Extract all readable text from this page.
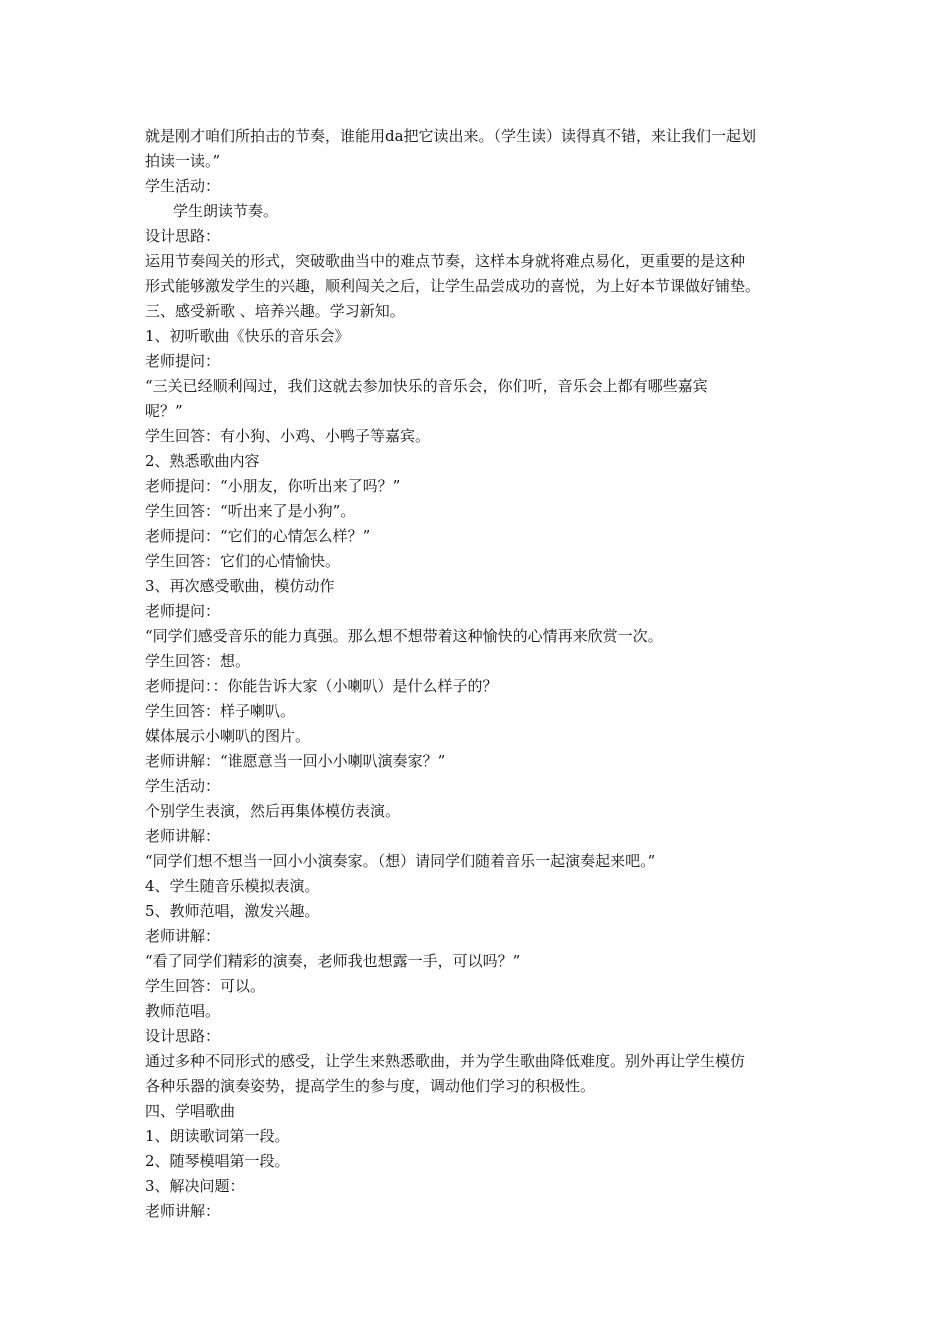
就是刚才咱们所拍击的节奏，谁能用da把它读出来。（学生读）读得真不错，来让我们一起划
拍读一读。”
学生活动：
学生朗读节奏。
设计思路：
运用节奏闯关的形式，突破歌曲当中的难点节奏，这样本身就将难点易化，更重要的是这种
形式能够激发学生的兴趣，顺利闯关之后，让学生品尝成功的喜悦，为上好本节课做好铺垫。
三、感受新歌 、培养兴趣。学习新知。
1、初听歌曲《快乐的音乐会》
老师提问：
“三关已经顺利闯过，我们这就去参加快乐的音乐会，你们听，音乐会上都有哪些嘉宾
呢？”
学生回答：有小狗、小鸡、小鸭子等嘉宾。
2、熟悉歌曲内容
老师提问：“小朋友，你听出来了吗？”
学生回答：“听出来了是小狗”。
老师提问：“它们的心情怎么样？”
学生回答：它们的心情愉快。
3、再次感受歌曲，模仿动作
老师提问：
“同学们感受音乐的能力真强。那么想不想带着这种愉快的心情再来欣赏一次。
学生回答：想。
老师提问：：你能告诉大家（小喇叭）是什么样子的？
学生回答：样子喇叭。
媒体展示小喇叭的图片。
老师讲解：“谁愿意当一回小小喇叭演奏家？”
学生活动：
个别学生表演，然后再集体模仿表演。
老师讲解：
“同学们想不想当一回小小演奏家。（想）请同学们随着音乐一起演奏起来吧。”
4、学生随音乐模拟表演。
5、教师范唱，激发兴趣。
老师讲解：
“看了同学们精彩的演奏，老师我也想露一手，可以吗？”
学生回答：可以。
教师范唱。
设计思路：
通过多种不同形式的感受，让学生来熟悉歌曲，并为学生歌曲降低难度。别外再让学生模仿
各种乐器的演奏姿势，提高学生的参与度，调动他们学习的积极性。
四、学唱歌曲
1、朗读歌词第一段。
2、随琴模唱第一段。
3、解决问题：
老师讲解：
